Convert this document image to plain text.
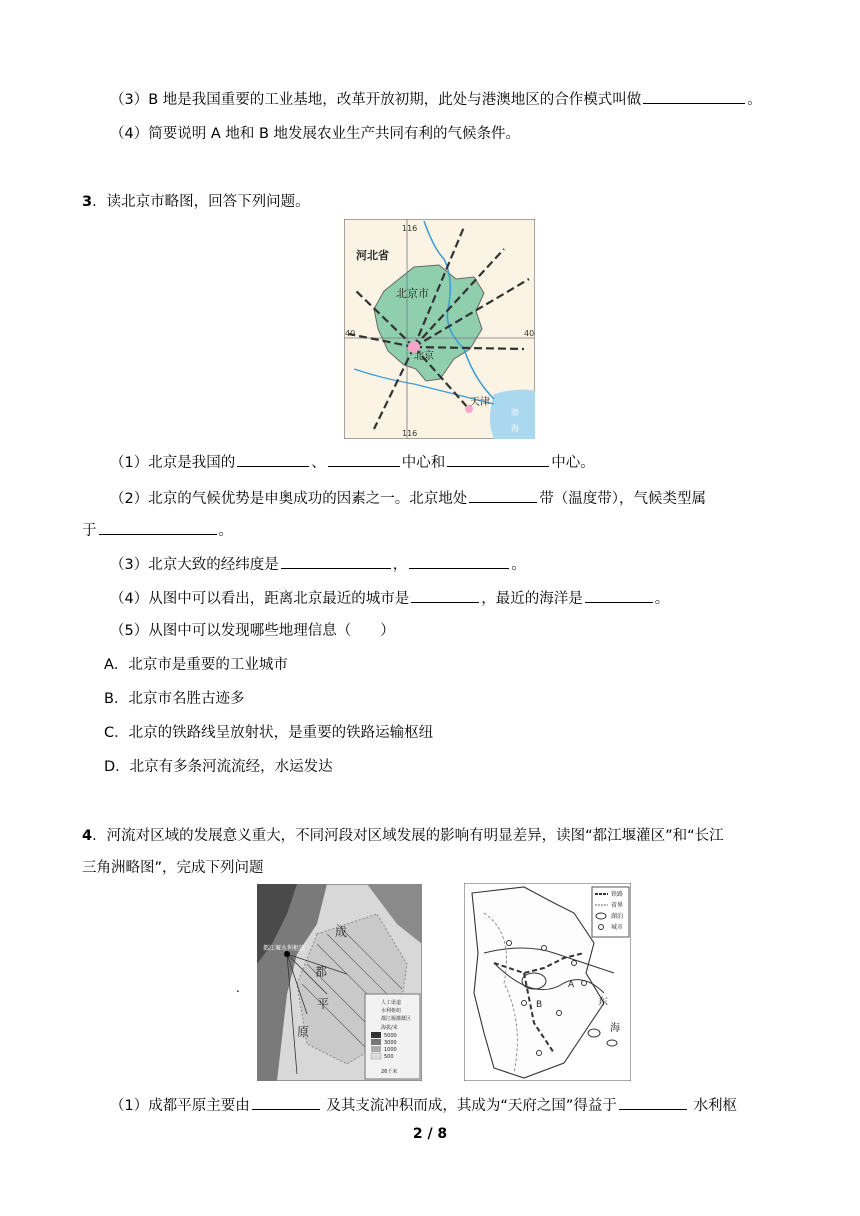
（3）B 地是我国重要的工业基地，改革开放初期，此处与港澳地区的合作模式叫做	。
（4）简要说明 A 地和 B 地发展农业生产共同有利的气候条件。
3．读北京市略图，回答下列问题。
116
116
40	40
河北省
北京市
北京
天津
渤
海
（1）北京是我国的	、	中心和	中心。
（2）北京的气候优势是申奥成功的因素之一。北京地处	带（温度带），气候类型属
于	。
（3）北京大致的经纬度是	，	。
（4）从图中可以看出，距离北京最近的城市是	，最近的海洋是	。
（5）从图中可以发现哪些地理信息（　　）
A．北京市是重要的工业城市
B．北京市名胜古迹多
C．北京的铁路线呈放射状，是重要的铁路运输枢纽
D．北京有多条河流流经，水运发达
4．河流对区域的发展意义重大，不同河段对区域发展的影响有明显差异，读图“都江堰灌区”和“长江
三角洲略图”，完成下列问题
都江堰水利枢纽
成
都
平
原
人工渠道
水利枢纽
都江堰灌溉区
海拔/米
5000
3000
1000
500
26千米
.
B
A
东
海
铁路
省界
湖泊
城市
（1）成都平原主要由	及其支流冲积而成，其成为“天府之国”得益于	水利枢
2 / 8
